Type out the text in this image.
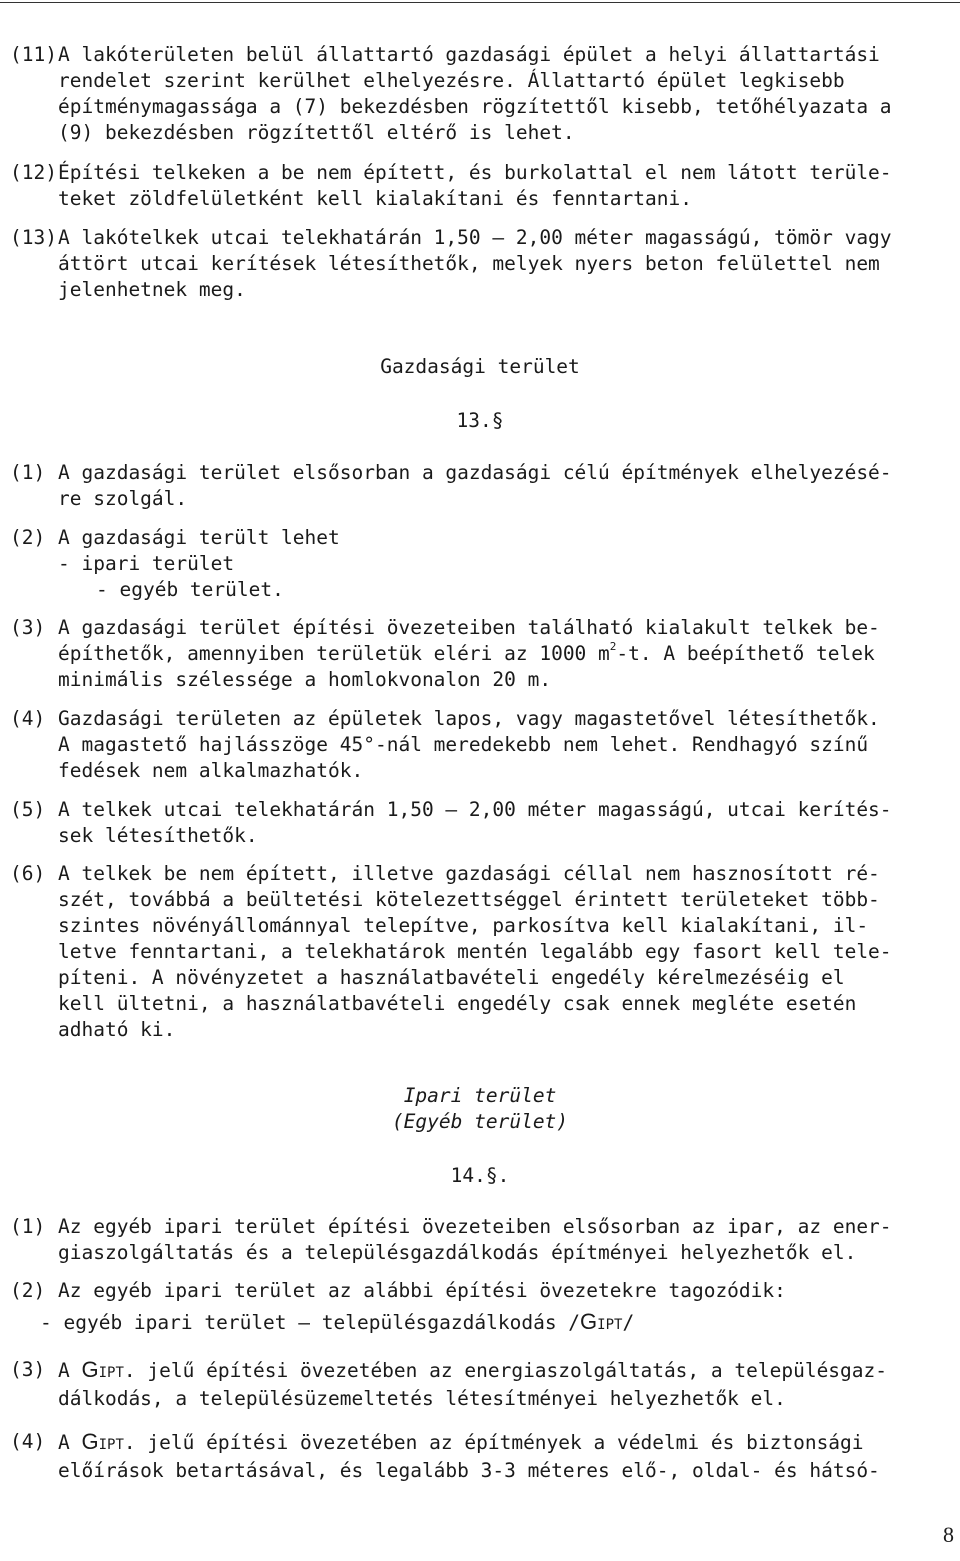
(11) A lakóterületen belül állattartó gazdasági épület a helyi állattartási
rendelet szerint kerülhet elhelyezésre. Állattartó épület legkisebb
építménymagassága a (7) bekezdésben rögzítettől kisebb, tetőhélyazata a
(9) bekezdésben rögzítettől eltérő is lehet.
(12) Építési telkeken a be nem épített, és burkolattal el nem látott terüle-
teket zöldfelületként kell kialakítani és fenntartani.
(13) A lakótelkek utcai telekhatárán 1,50 – 2,00 méter magasságú, tömör vagy
áttört utcai kerítések létesíthetők, melyek nyers beton felülettel nem
jelenhetnek meg.
Gazdasági terület
13.§
(1) A gazdasági terület elsősorban a gazdasági célú építmények elhelyezésé-
re szolgál.
(2) A gazdasági terült lehet
- ipari terület
- egyéb terület.
(3) A gazdasági terület építési övezeteiben található kialakult telkek be-
építhetők, amennyiben területük eléri az 1000 $m^2-t$. A beépíthető telek
minimális szélessége a homlokvonalon 20 m.
(4) Gazdasági területen az épületek lapos, vagy magastetővel létesíthetők.
A magastető hajlásszöge 45°-nál meredekebb nem lehet. Rendhagyó színű
fedések nem alkalmazhatók.
(5) A telkek utcai telekhatárán 1,50 – 2,00 méter magasságú, utcai kerítés-
sek létesíthetők.
(6) A telkek be nem épített, illetve gazdasági céllal nem hasznosított ré-
szét, továbbá a beültetési kötelezettséggel érintett területeket több-
szintes növényállománnyal telepítve, parkosítva kell kialakítani, il-
letve fenntartani, a telekhatárok mentén legalább egy fasort kell tele-
píteni. A növényzetet a használatbavételi engedély kérelmezéséig el
kell ültetni, a használatbavételi engedély csak ennek megléte esetén
adható ki.
Ipari terület
(Egyéb terület)
14.§.
(1) Az egyéb ipari terület építési övezeteiben elsősorban az ipar, az ener-
giaszolgáltatás és a településgazdálkodás építményei helyezhetők el.
(2) Az egyéb ipari terület az alábbi építési övezetekre tagozódik:
- egyéb ipari terület – településgazdálkodás /GIPT/
(3) A GIPT. jelű építési övezetében az energiaszolgáltatás, a településgaz-
dálkodás, a településüzemeltetés létesítményei helyezhetők el.
(4) A GIPT. jelű építési övezetében az építmények a védelmi és biztonsági
előírások betartásával, és legalább 3-3 méteres elő-, oldal- és hátsó-
8
